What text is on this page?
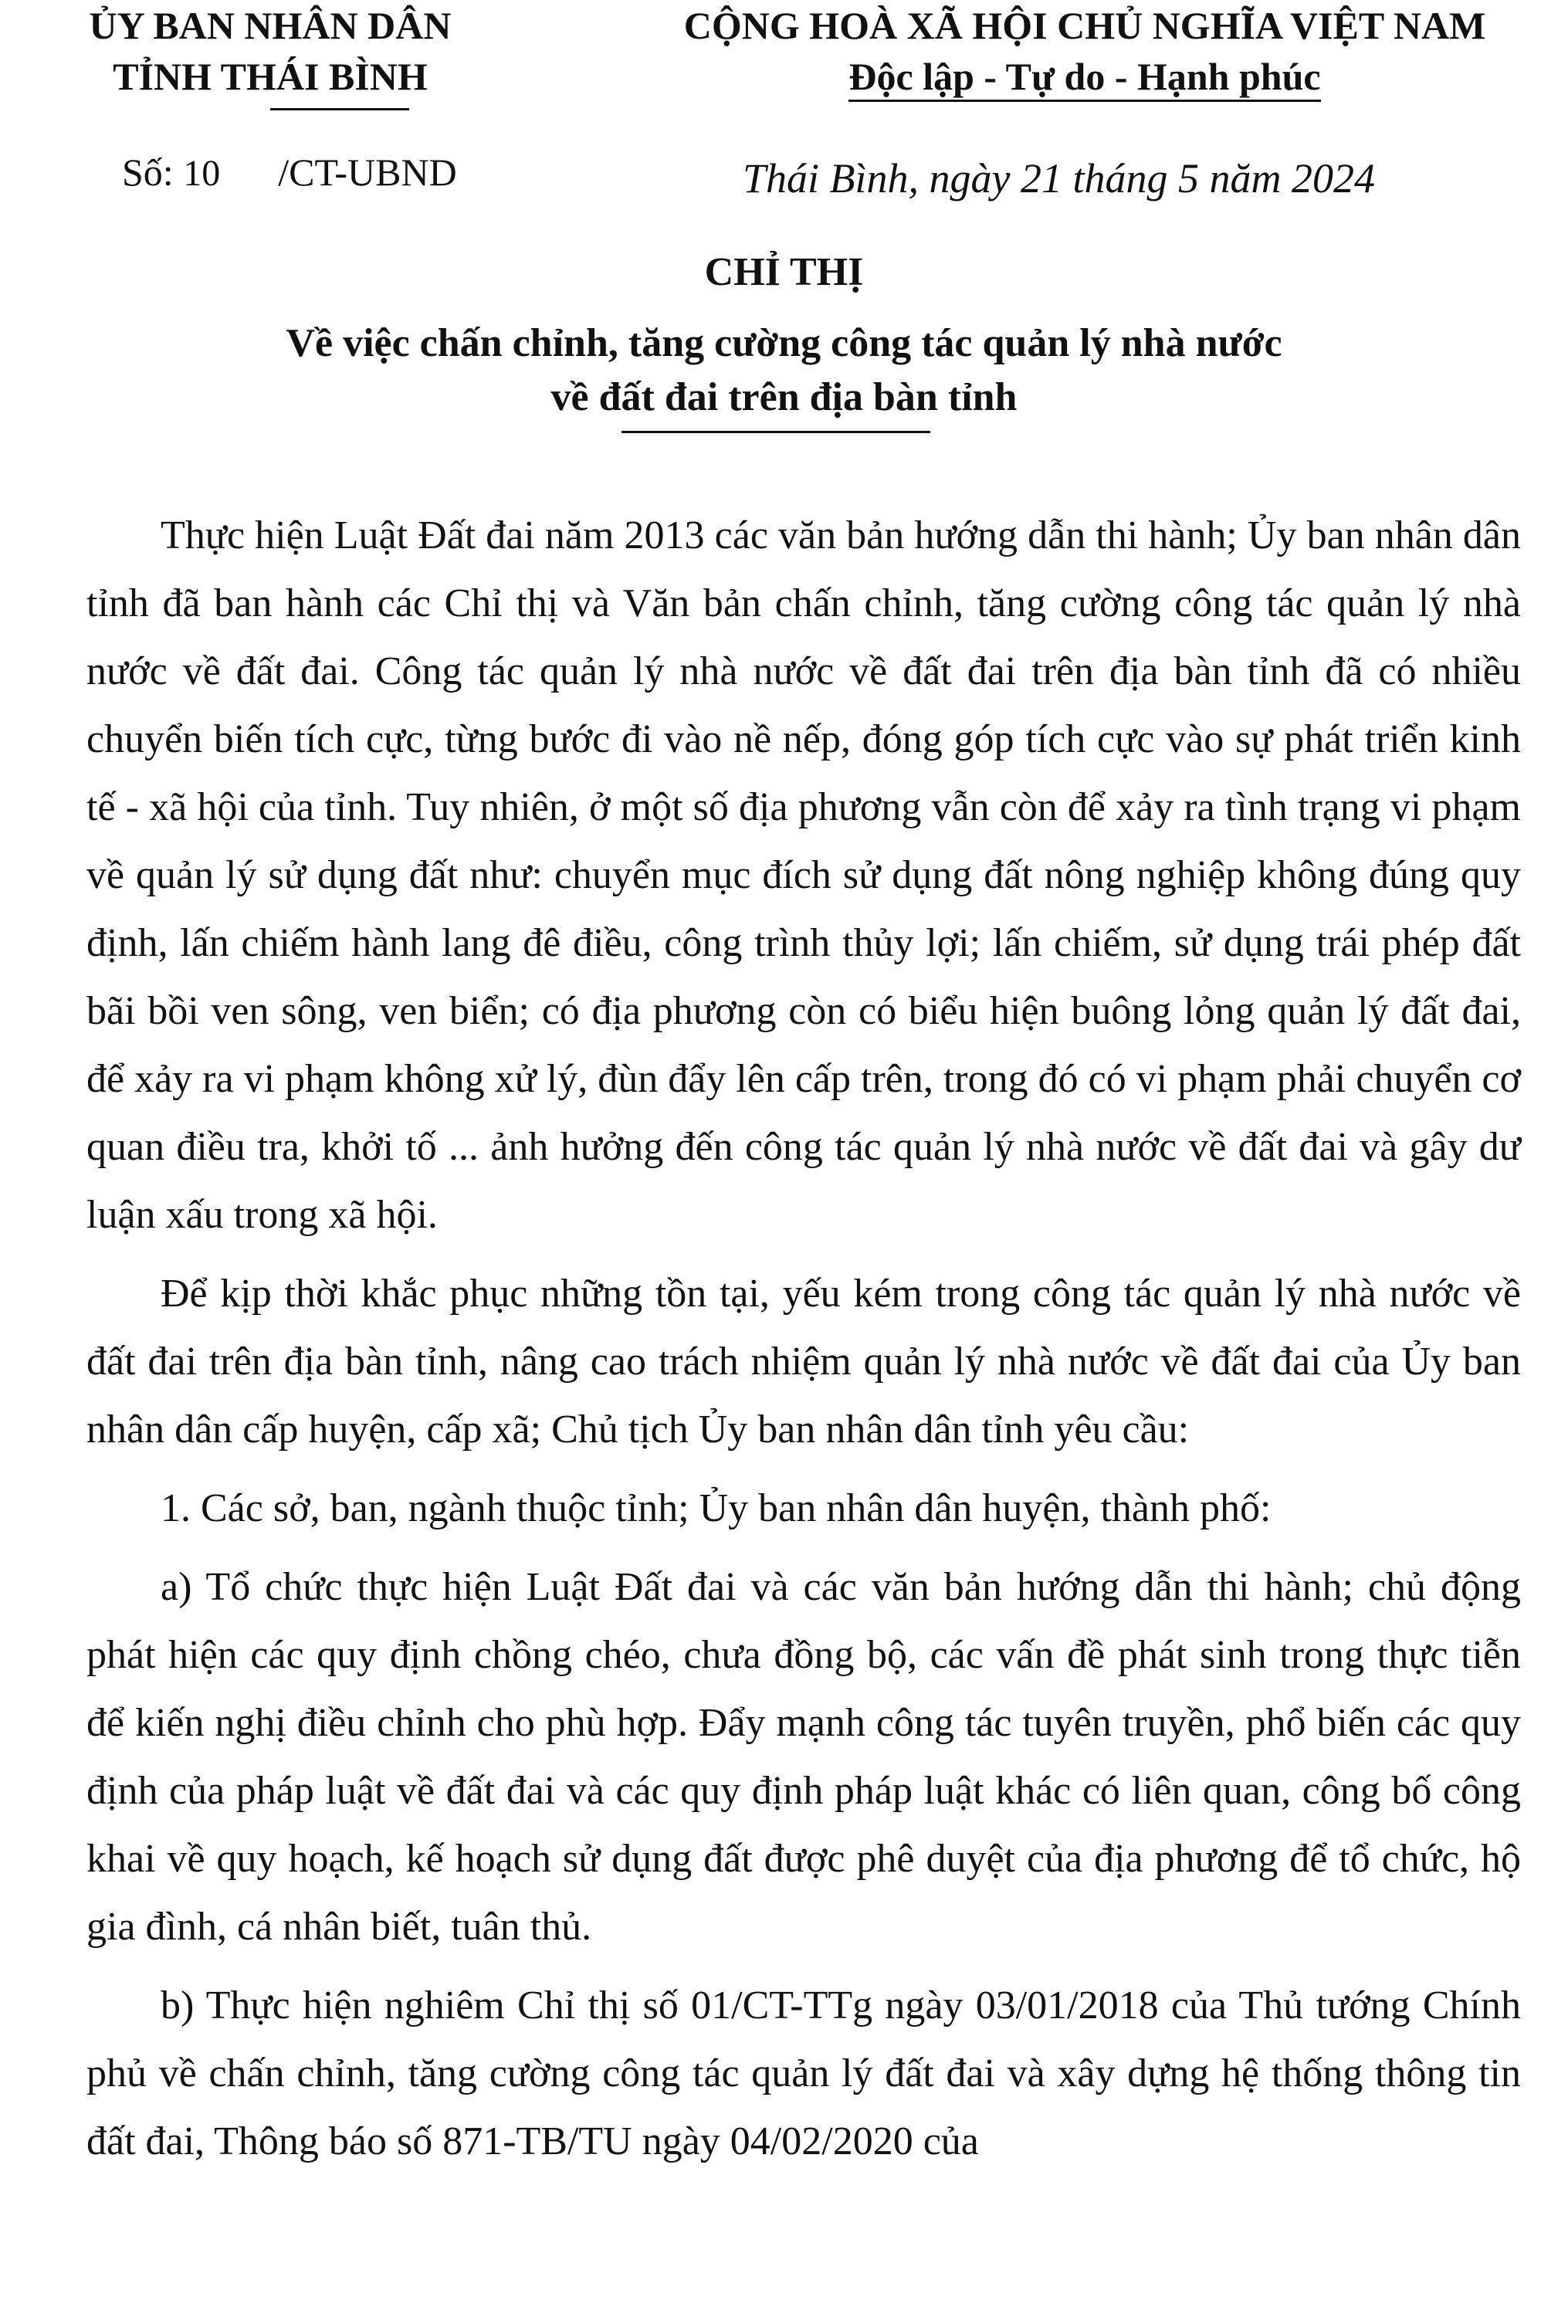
ỦY BAN NHÂN DÂN
TỈNH THÁI BÌNH
CỘNG HOÀ XÃ HỘI CHỦ NGHĨA VIỆT NAM
Độc lập - Tự do - Hạnh phúc
Số: 10 /CT-UBND	Thái Bình, ngày 21 tháng 5 năm 2024
CHỈ THỊ
Về việc chấn chỉnh, tăng cường công tác quản lý nhà nước
về đất đai trên địa bàn tỉnh

Thực hiện Luật Đất đai năm 2013 các văn bản hướng dẫn thi hành; Ủy ban nhân dân tỉnh đã ban hành các Chỉ thị và Văn bản chấn chỉnh, tăng cường công tác quản lý nhà nước về đất đai. Công tác quản lý nhà nước về đất đai trên địa bàn tỉnh đã có nhiều chuyển biến tích cực, từng bước đi vào nề nếp, đóng góp tích cực vào sự phát triển kinh tế - xã hội của tỉnh. Tuy nhiên, ở một số địa phương vẫn còn để xảy ra tình trạng vi phạm về quản lý sử dụng đất như: chuyển mục đích sử dụng đất nông nghiệp không đúng quy định, lấn chiếm hành lang đê điều, công trình thủy lợi; lấn chiếm, sử dụng trái phép đất bãi bồi ven sông, ven biển; có địa phương còn có biểu hiện buông lỏng quản lý đất đai, để xảy ra vi phạm không xử lý, đùn đẩy lên cấp trên, trong đó có vi phạm phải chuyển cơ quan điều tra, khởi tố ... ảnh hưởng đến công tác quản lý nhà nước về đất đai và gây dư luận xấu trong xã hội.

Để kịp thời khắc phục những tồn tại, yếu kém trong công tác quản lý nhà nước về đất đai trên địa bàn tỉnh, nâng cao trách nhiệm quản lý nhà nước về đất đai của Ủy ban nhân dân cấp huyện, cấp xã; Chủ tịch Ủy ban nhân dân tỉnh yêu cầu:

1. Các sở, ban, ngành thuộc tỉnh; Ủy ban nhân dân huyện, thành phố:

a) Tổ chức thực hiện Luật Đất đai và các văn bản hướng dẫn thi hành; chủ động phát hiện các quy định chồng chéo, chưa đồng bộ, các vấn đề phát sinh trong thực tiễn để kiến nghị điều chỉnh cho phù hợp. Đẩy mạnh công tác tuyên truyền, phổ biến các quy định của pháp luật về đất đai và các quy định pháp luật khác có liên quan, công bố công khai về quy hoạch, kế hoạch sử dụng đất được phê duyệt của địa phương để tổ chức, hộ gia đình, cá nhân biết, tuân thủ.

b) Thực hiện nghiêm Chỉ thị số 01/CT-TTg ngày 03/01/2018 của Thủ tướng Chính phủ về chấn chỉnh, tăng cường công tác quản lý đất đai và xây dựng hệ thống thông tin đất đai, Thông báo số 871-TB/TU ngày 04/02/2020 của
